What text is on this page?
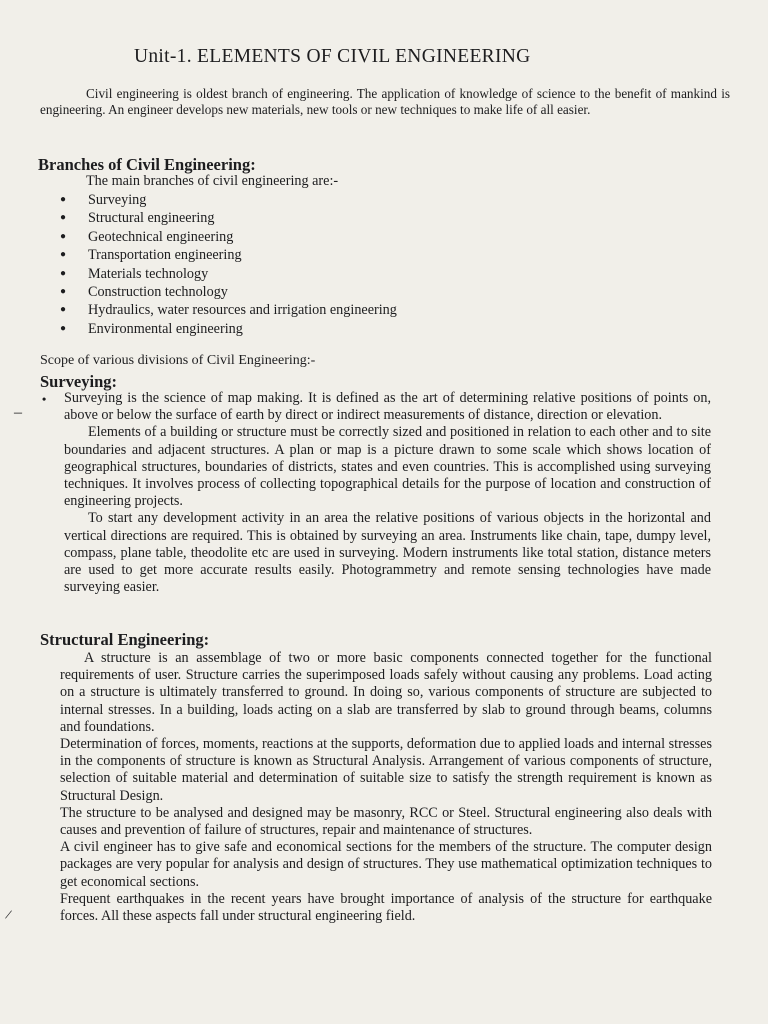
Unit-1. ELEMENTS OF CIVIL ENGINEERING
Civil engineering is oldest branch of engineering. The application of knowledge of science to the benefit of mankind is engineering. An engineer develops new materials, new tools or new techniques to make life of all easier.
Branches of Civil Engineering:
The main branches of civil engineering are:-
● Surveying
● Structural engineering
● Geotechnical engineering
● Transportation engineering
● Materials technology
● Construction technology
● Hydraulics, water resources and irrigation engineering
● Environmental engineering
Scope of various divisions of Civil Engineering:-
Surveying:
•
–

Surveying is the science of map making. It is defined as the art of determining relative positions of points on, above or below the surface of earth by direct or indirect measurements of distance, direction or elevation.

Elements of a building or structure must be correctly sized and positioned in relation to each other and to site boundaries and adjacent structures. A plan or map is a picture drawn to some scale which shows location of geographical structures, boundaries of districts, states and even countries. This is accomplished using surveying techniques. It involves process of collecting topographical details for the purpose of location and construction of engineering projects.

To start any development activity in an area the relative positions of various objects in the horizontal and vertical directions are required. This is obtained by surveying an area. Instruments like chain, tape, dumpy level, compass, plane table, theodolite etc are used in surveying. Modern instruments like total station, distance meters are used to get more accurate results easily. Photogrammetry and remote sensing technologies have made surveying easier.

Structural Engineering:

A structure is an assemblage of two or more basic components connected together for the functional requirements of user. Structure carries the superimposed loads safely without causing any problems. Load acting on a structure is ultimately transferred to ground. In doing so, various components of structure are subjected to internal stresses. In a building, loads acting on a slab are transferred by slab to ground through beams, columns and foundations.

Determination of forces, moments, reactions at the supports, deformation due to applied loads and internal stresses in the components of structure is known as Structural Analysis. Arrangement of various components of structure, selection of suitable material and determination of suitable size to satisfy the strength requirement is known as Structural Design.

The structure to be analysed and designed may be masonry, RCC or Steel. Structural engineering also deals with causes and prevention of failure of structures, repair and maintenance of structures.

A civil engineer has to give safe and economical sections for the members of the structure. The computer design packages are very popular for analysis and design of structures. They use mathematical optimization techniques to get economical sections.

Frequent earthquakes in the recent years have brought importance of analysis of the structure for earthquake forces. All these aspects fall under structural engineering field.

/
